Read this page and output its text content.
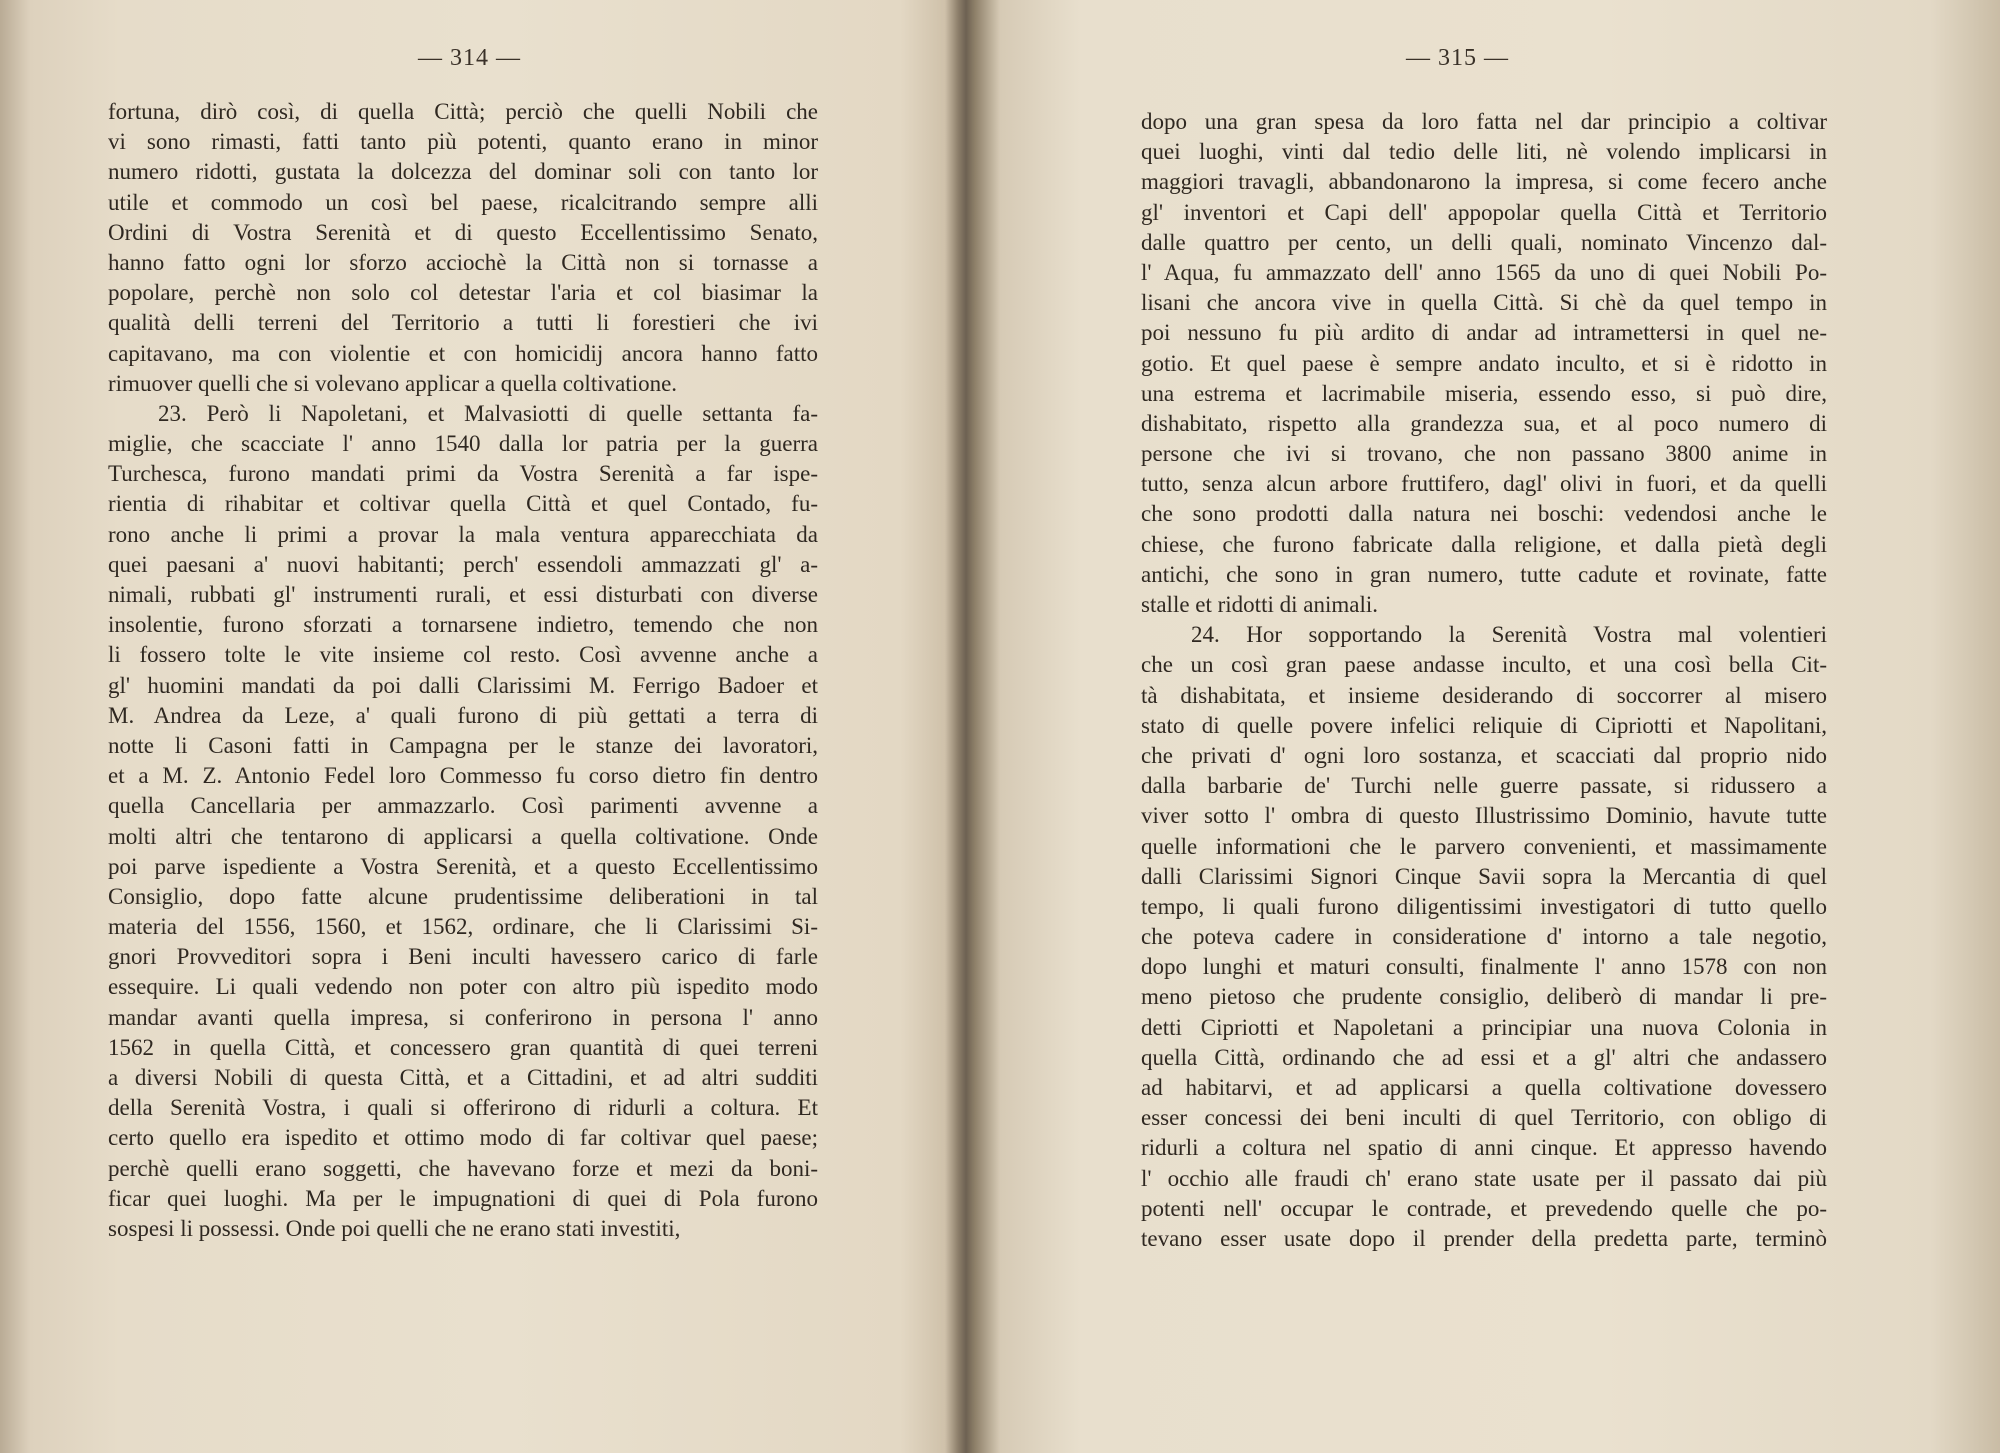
— 314 —
fortuna, dirò così, di quella Città; perciò che quelli Nobili che
vi sono rimasti, fatti tanto più potenti, quanto erano in minor
numero ridotti, gustata la dolcezza del dominar soli con tanto lor
utile et commodo un così bel paese, ricalcitrando sempre alli
Ordini di Vostra Serenità et di questo Eccellentissimo Senato,
hanno fatto ogni lor sforzo acciochè la Città non si tornasse a
popolare, perchè non solo col detestar l'aria et col biasimar la
qualità delli terreni del Territorio a tutti li forestieri che ivi
capitavano, ma con violentie et con homicidij ancora hanno fatto
rimuover quelli che si volevano applicar a quella coltivatione.
23. Però li Napoletani, et Malvasiotti di quelle settanta fa-
miglie, che scacciate l' anno 1540 dalla lor patria per la guerra
Turchesca, furono mandati primi da Vostra Serenità a far ispe-
rientia di rihabitar et coltivar quella Città et quel Contado, fu-
rono anche li primi a provar la mala ventura apparecchiata da
quei paesani a' nuovi habitanti; perch' essendoli ammazzati gl' a-
nimali, rubbati gl' instrumenti rurali, et essi disturbati con diverse
insolentie, furono sforzati a tornarsene indietro, temendo che non
li fossero tolte le vite insieme col resto. Così avvenne anche a
gl' huomini mandati da poi dalli Clarissimi M. Ferrigo Badoer et
M. Andrea da Leze, a' quali furono di più gettati a terra di
notte li Casoni fatti in Campagna per le stanze dei lavoratori,
et a M. Z. Antonio Fedel loro Commesso fu corso dietro fin dentro
quella Cancellaria per ammazzarlo. Così parimenti avvenne a
molti altri che tentarono di applicarsi a quella coltivatione. Onde
poi parve ispediente a Vostra Serenità, et a questo Eccellentissimo
Consiglio, dopo fatte alcune prudentissime deliberationi in tal
materia del 1556, 1560, et 1562, ordinare, che li Clarissimi Si-
gnori Provveditori sopra i Beni inculti havessero carico di farle
essequire. Li quali vedendo non poter con altro più ispedito modo
mandar avanti quella impresa, si conferirono in persona l' anno
1562 in quella Città, et concessero gran quantità di quei terreni
a diversi Nobili di questa Città, et a Cittadini, et ad altri sudditi
della Serenità Vostra, i quali si offerirono di ridurli a coltura. Et
certo quello era ispedito et ottimo modo di far coltivar quel paese;
perchè quelli erano soggetti, che havevano forze et mezi da boni-
ficar quei luoghi. Ma per le impugnationi di quei di Pola furono
sospesi li possessi. Onde poi quelli che ne erano stati investiti,
— 315 —
dopo una gran spesa da loro fatta nel dar principio a coltivar
quei luoghi, vinti dal tedio delle liti, nè volendo implicarsi in
maggiori travagli, abbandonarono la impresa, si come fecero anche
gl' inventori et Capi dell' appopolar quella Città et Territorio
dalle quattro per cento, un delli quali, nominato Vincenzo dal-
l' Aqua, fu ammazzato dell' anno 1565 da uno di quei Nobili Po-
lisani che ancora vive in quella Città. Si chè da quel tempo in
poi nessuno fu più ardito di andar ad intramettersi in quel ne-
gotio. Et quel paese è sempre andato inculto, et si è ridotto in
una estrema et lacrimabile miseria, essendo esso, si può dire,
dishabitato, rispetto alla grandezza sua, et al poco numero di
persone che ivi si trovano, che non passano 3800 anime in
tutto, senza alcun arbore fruttifero, dagl' olivi in fuori, et da quelli
che sono prodotti dalla natura nei boschi: vedendosi anche le
chiese, che furono fabricate dalla religione, et dalla pietà degli
antichi, che sono in gran numero, tutte cadute et rovinate, fatte
stalle et ridotti di animali.
24. Hor sopportando la Serenità Vostra mal volentieri
che un così gran paese andasse inculto, et una così bella Cit-
tà dishabitata, et insieme desiderando di soccorrer al misero
stato di quelle povere infelici reliquie di Cipriotti et Napolitani,
che privati d' ogni loro sostanza, et scacciati dal proprio nido
dalla barbarie de' Turchi nelle guerre passate, si ridussero a
viver sotto l' ombra di questo Illustrissimo Dominio, havute tutte
quelle informationi che le parvero convenienti, et massimamente
dalli Clarissimi Signori Cinque Savii sopra la Mercantia di quel
tempo, li quali furono diligentissimi investigatori di tutto quello
che poteva cadere in consideratione d' intorno a tale negotio,
dopo lunghi et maturi consulti, finalmente l' anno 1578 con non
meno pietoso che prudente consiglio, deliberò di mandar li pre-
detti Cipriotti et Napoletani a principiar una nuova Colonia in
quella Città, ordinando che ad essi et a gl' altri che andassero
ad habitarvi, et ad applicarsi a quella coltivatione dovessero
esser concessi dei beni inculti di quel Territorio, con obligo di
ridurli a coltura nel spatio di anni cinque. Et appresso havendo
l' occhio alle fraudi ch' erano state usate per il passato dai più
potenti nell' occupar le contrade, et prevedendo quelle che po-
tevano esser usate dopo il prender della predetta parte, terminò
